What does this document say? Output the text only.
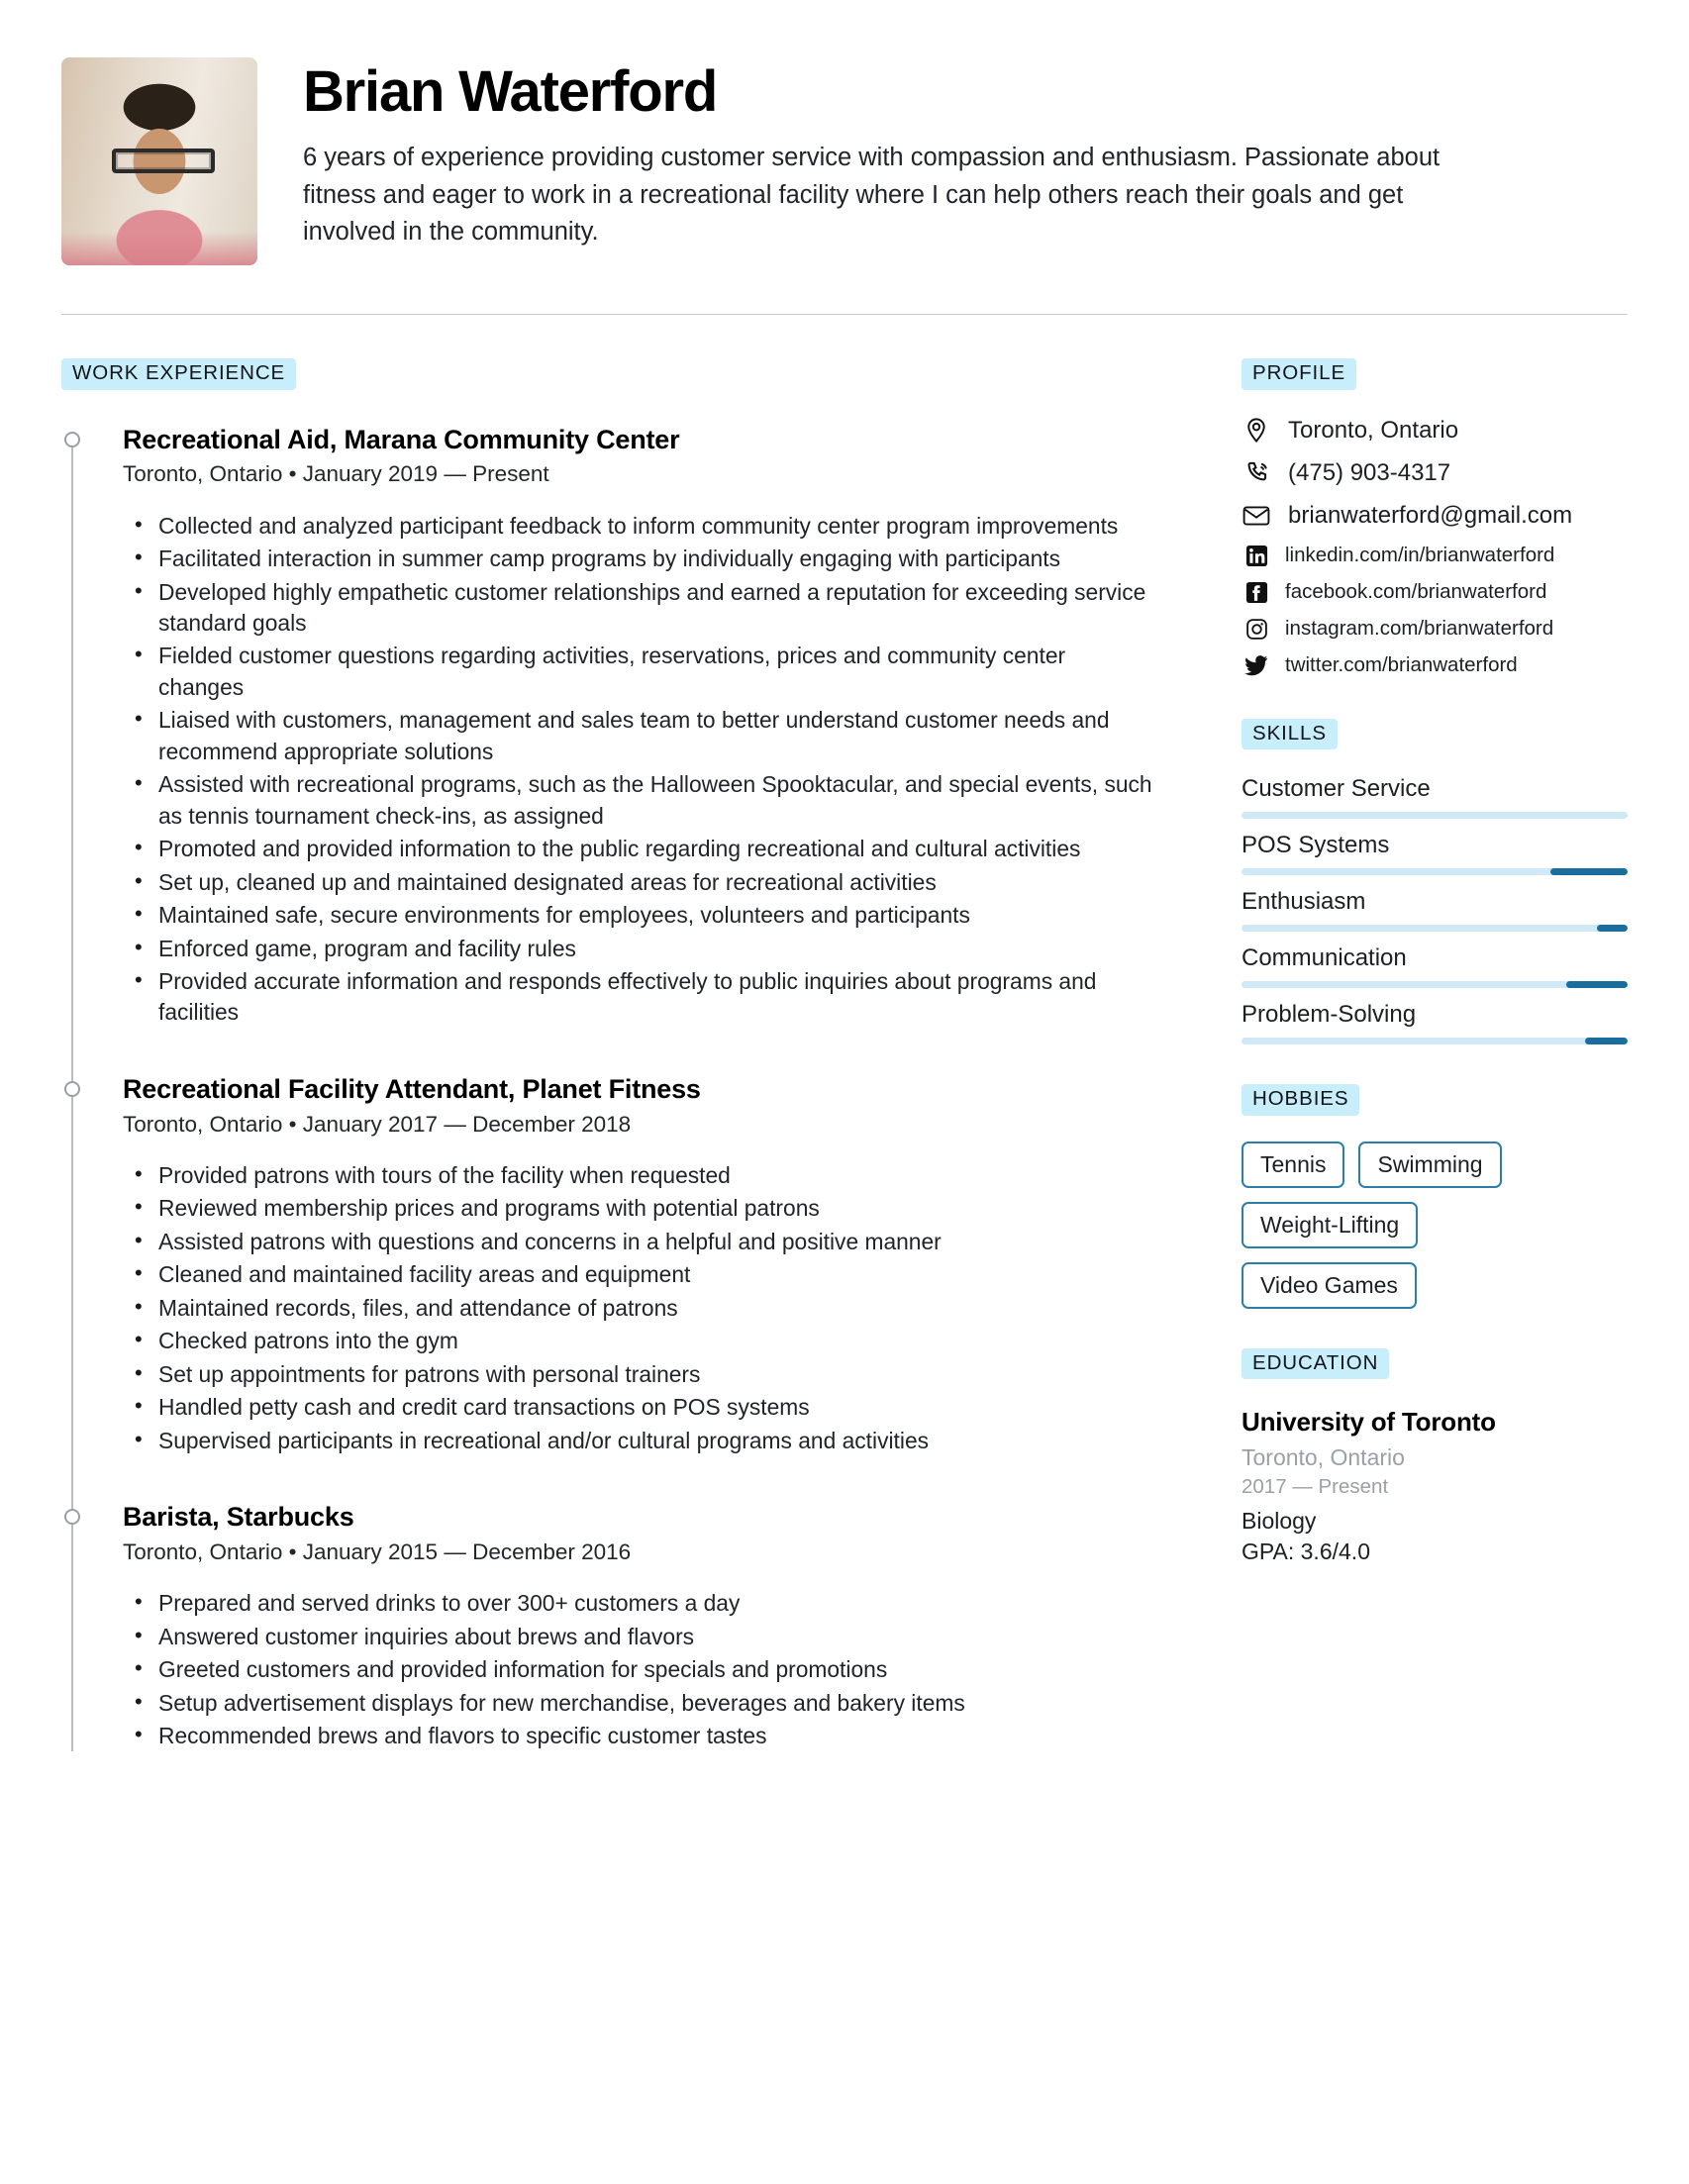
Brian Waterford
6 years of experience providing customer service with compassion and enthusiasm. Passionate about fitness and eager to work in a recreational facility where I can help others reach their goals and get involved in the community.
WORK EXPERIENCE
Recreational Aid, Marana Community Center
Toronto, Ontario • January 2019 — Present
• Collected and analyzed participant feedback to inform community center program improvements
• Facilitated interaction in summer camp programs by individually engaging with participants
• Developed highly empathetic customer relationships and earned a reputation for exceeding service standard goals
• Fielded customer questions regarding activities, reservations, prices and community center changes
• Liaised with customers, management and sales team to better understand customer needs and recommend appropriate solutions
• Assisted with recreational programs, such as the Halloween Spooktacular, and special events, such as tennis tournament check-ins, as assigned
• Promoted and provided information to the public regarding recreational and cultural activities
• Set up, cleaned up and maintained designated areas for recreational activities
• Maintained safe, secure environments for employees, volunteers and participants
• Enforced game, program and facility rules
• Provided accurate information and responds effectively to public inquiries about programs and facilities
Recreational Facility Attendant, Planet Fitness
Toronto, Ontario • January 2017 — December 2018
• Provided patrons with tours of the facility when requested
• Reviewed membership prices and programs with potential patrons
• Assisted patrons with questions and concerns in a helpful and positive manner
• Cleaned and maintained facility areas and equipment
• Maintained records, files, and attendance of patrons
• Checked patrons into the gym
• Set up appointments for patrons with personal trainers
• Handled petty cash and credit card transactions on POS systems
• Supervised participants in recreational and/or cultural programs and activities
Barista, Starbucks
Toronto, Ontario • January 2015 — December 2016
• Prepared and served drinks to over 300+ customers a day
• Answered customer inquiries about brews and flavors
• Greeted customers and provided information for specials and promotions
• Setup advertisement displays for new merchandise, beverages and bakery items
• Recommended brews and flavors to specific customer tastes
PROFILE
Toronto, Ontario
(475) 903-4317
brianwaterford@gmail.com
linkedin.com/in/brianwaterford
facebook.com/brianwaterford
instagram.com/brianwaterford
twitter.com/brianwaterford
SKILLS
Customer Service
POS Systems
Enthusiasm
Communication
Problem-Solving
HOBBIES
Tennis	Swimming
Weight-Lifting
Video Games
EDUCATION
University of Toronto
Toronto, Ontario
2017 — Present
Biology
GPA: 3.6/4.0
